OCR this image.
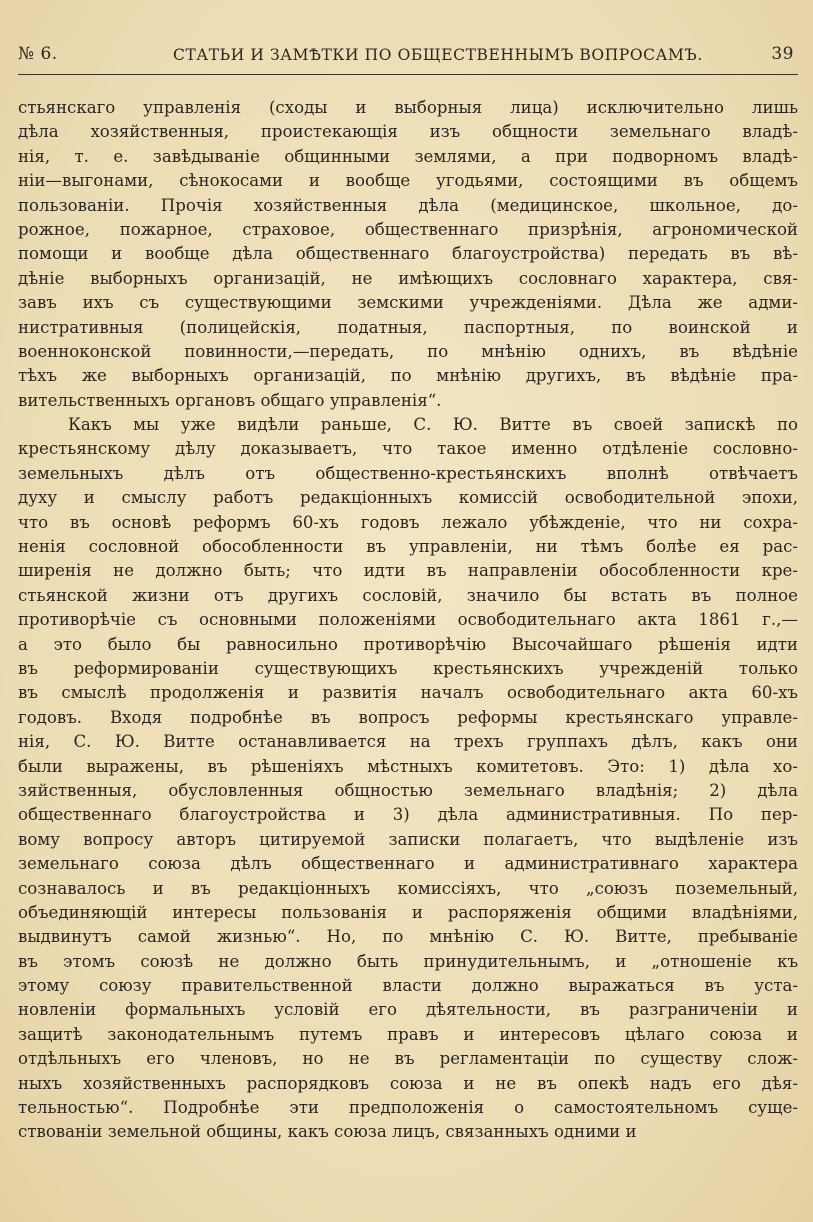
№ 6.	СТАТЬИ И ЗАМѢТКИ ПО ОБЩЕСТВЕННЫМЪ ВОПРОСАМЪ.	39
стьянскаго управленія (сходы и выборныя лица) исключительно лишь
дѣла хозяйственныя, проистекающія изъ общности земельнаго владѣ-
нія, т. е. завѣдываніе общинными землями, а при подворномъ владѣ-
ніи—выгонами, сѣнокосами и вообще угодьями, состоящими въ общемъ
пользованіи. Прочія хозяйственныя дѣла (медицинское, школьное, до-
рожное, пожарное, страховое, общественнаго призрѣнія, агрономической
помощи и вообще дѣла общественнаго благоустройства) передать въ вѣ-
дѣніе выборныхъ организацій, не имѣющихъ сословнаго характера, свя-
завъ ихъ съ существующими земскими учрежденіями. Дѣла же адми-
нистративныя (полицейскія, податныя, паспортныя, по воинской и
военноконской повинности,—передать, по мнѣнію однихъ, въ вѣдѣніе
тѣхъ же выборныхъ организацій, по мнѣнію другихъ, въ вѣдѣніе пра-
вительственныхъ органовъ общаго управленія“.
Какъ мы уже видѣли раньше, С. Ю. Витте въ своей запискѣ по
крестьянскому дѣлу доказываетъ, что такое именно отдѣленіе сословно-
земельныхъ дѣлъ отъ общественно-крестьянскихъ вполнѣ отвѣчаетъ
духу и смыслу работъ редакціонныхъ комиссій освободительной эпохи,
что въ основѣ реформъ 60-хъ годовъ лежало убѣжденіе, что ни сохра-
ненія сословной обособленности въ управленіи, ни тѣмъ болѣе ея рас-
ширенія не должно быть; что идти въ направленіи обособленности кре-
стьянской жизни отъ другихъ сословій, значило бы встать въ полное
противорѣчіе съ основными положеніями освободительнаго акта 1861 г.,—
а это было бы равносильно противорѣчію Высочайшаго рѣшенія идти
въ реформированіи существующихъ крестьянскихъ учрежденій только
въ смыслѣ продолженія и развитія началъ освободительнаго акта 60-хъ
годовъ. Входя подробнѣе въ вопросъ реформы крестьянскаго управле-
нія, С. Ю. Витте останавливается на трехъ группахъ дѣлъ, какъ они
были выражены, въ рѣшеніяхъ мѣстныхъ комитетовъ. Это: 1) дѣла хо-
зяйственныя, обусловленныя общностью земельнаго владѣнія; 2) дѣла
общественнаго благоустройства и 3) дѣла административныя. По пер-
вому вопросу авторъ цитируемой записки полагаетъ, что выдѣленіе изъ
земельнаго союза дѣлъ общественнаго и административнаго характера
сознавалось и въ редакціонныхъ комиссіяхъ, что „союзъ поземельный,
объединяющій интересы пользованія и распоряженія общими владѣніями,
выдвинутъ самой жизнью“. Но, по мнѣнію С. Ю. Витте, пребываніе
въ этомъ союзѣ не должно быть принудительнымъ, и „отношеніе къ
этому союзу правительственной власти должно выражаться въ уста-
новленіи формальныхъ условій его дѣятельности, въ разграниченіи и
защитѣ законодательнымъ путемъ правъ и интересовъ цѣлаго союза и
отдѣльныхъ его членовъ, но не въ регламентаціи по существу слож-
ныхъ хозяйственныхъ распорядковъ союза и не въ опекѣ надъ его дѣя-
тельностью“. Подробнѣе эти предположенія о самостоятельномъ суще-
ствованіи земельной общины, какъ союза лицъ, связанныхъ одними и
